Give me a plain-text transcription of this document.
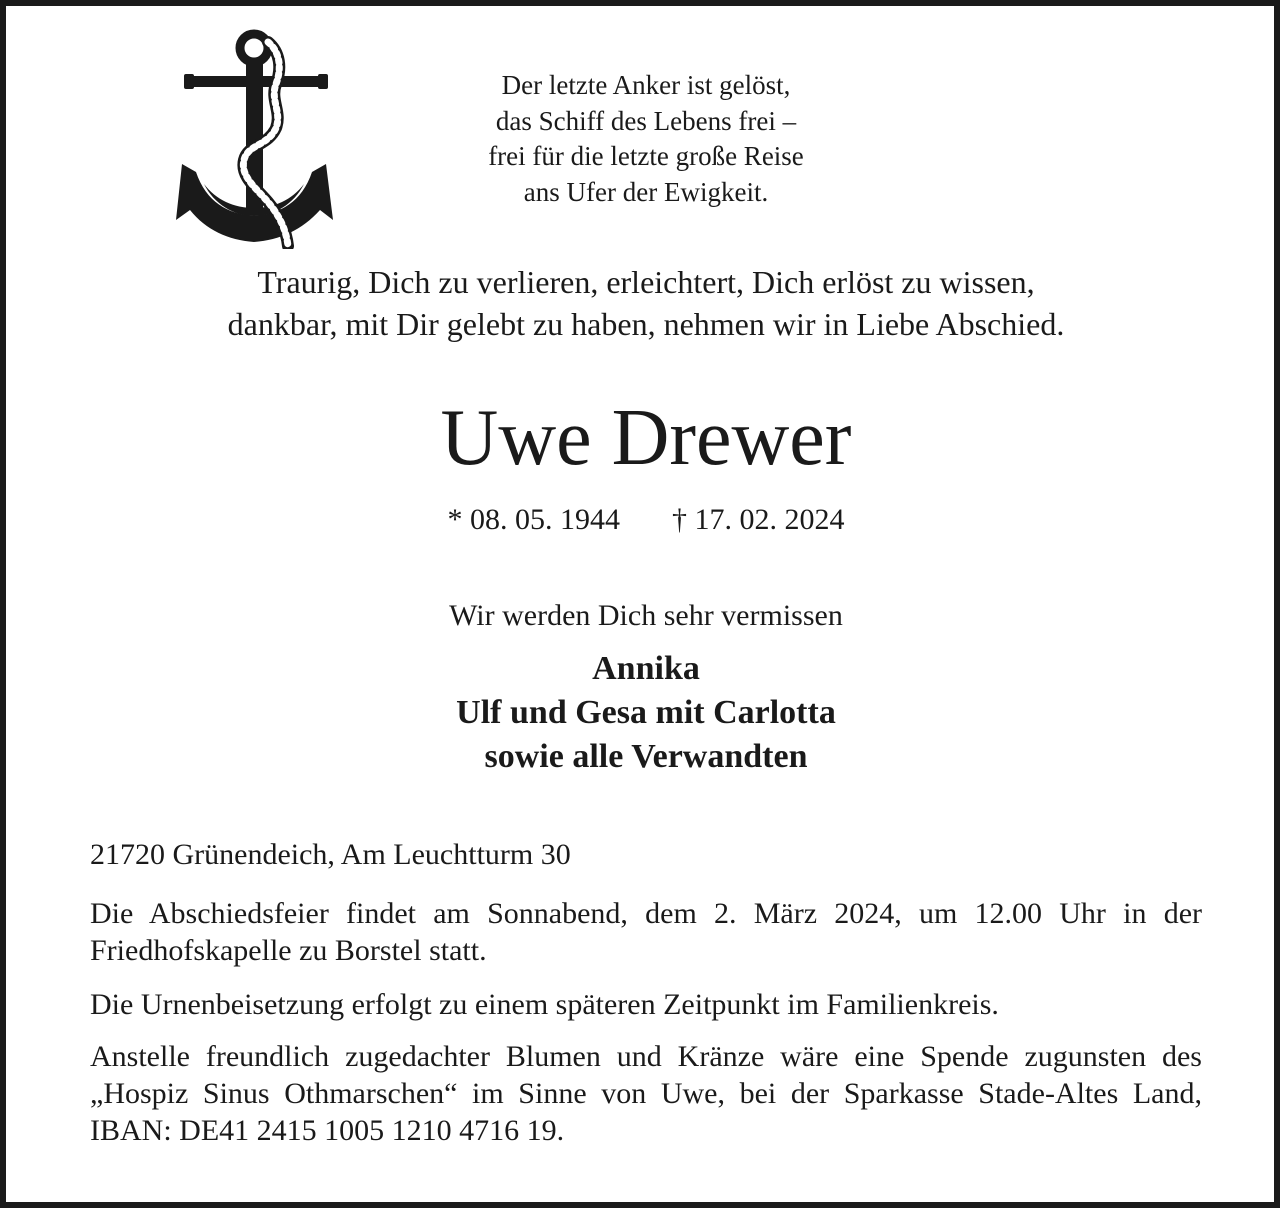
Der letzte Anker ist gelöst,
das Schiff des Lebens frei –
frei für die letzte große Reise
ans Ufer der Ewigkeit.
Traurig, Dich zu verlieren, erleichtert, Dich erlöst zu wissen,
dankbar, mit Dir gelebt zu haben, nehmen wir in Liebe Abschied.
Uwe Drewer
* 08. 05. 1944 † 17. 02. 2024
Wir werden Dich sehr vermissen
Annika
Ulf und Gesa mit Carlotta
sowie alle Verwandten
21720 Grünendeich, Am Leuchtturm 30
Die Abschiedsfeier findet am Sonnabend, dem 2. März 2024, um 12.00 Uhr in der Friedhofskapelle zu Borstel statt.
Die Urnenbeisetzung erfolgt zu einem späteren Zeitpunkt im Familienkreis.
Anstelle freundlich zugedachter Blumen und Kränze wäre eine Spende zugunsten des „Hospiz Sinus Othmarschen“ im Sinne von Uwe, bei der Sparkasse Stade-Altes Land, IBAN: DE41 2415 1005 1210 4716 19.
